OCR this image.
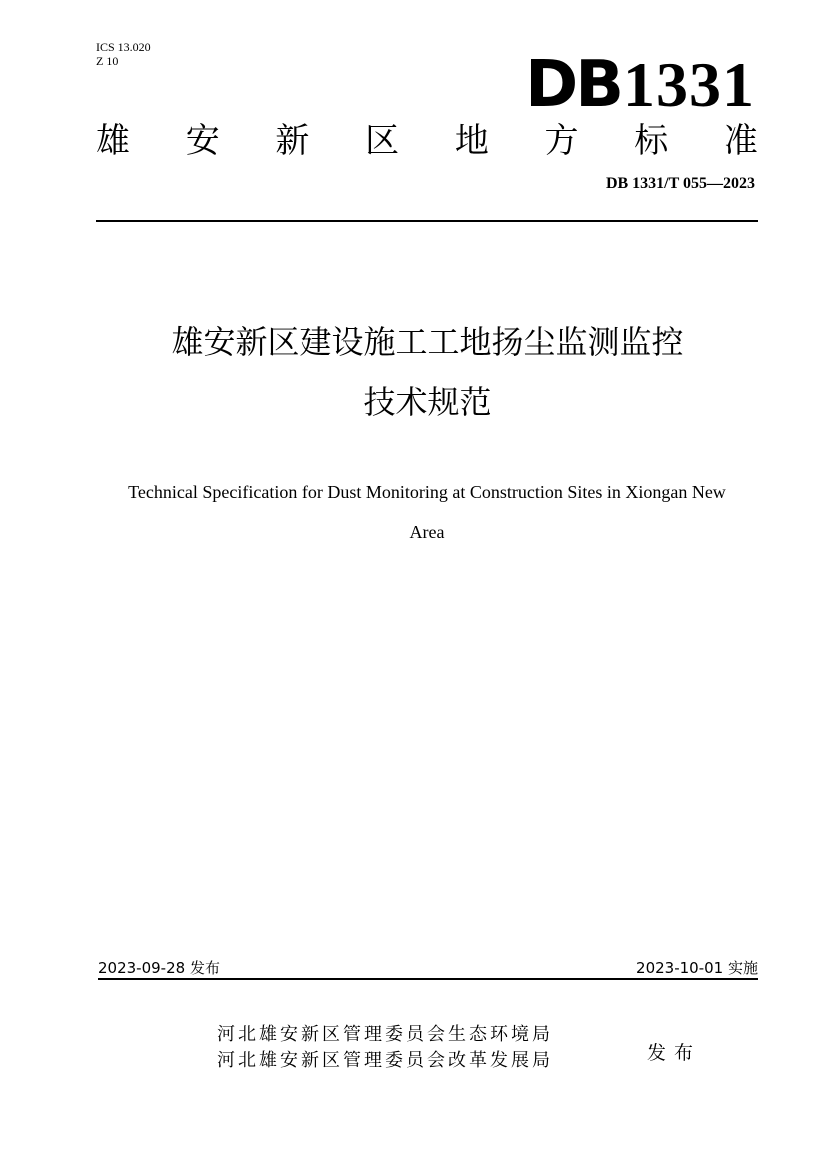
ICS 13.020
Z 10	DB1331
雄 安 新 区 地 方 标 准
DB 1331/T 055—2023
雄安新区建设施工工地扬尘监测监控
技术规范
Technical Specification for Dust Monitoring at Construction Sites in Xiongan New
Area
2023-09-28 发布	2023-10-01 实施
河北雄安新区管理委员会生态环境局
河北雄安新区管理委员会改革发展局	发布
